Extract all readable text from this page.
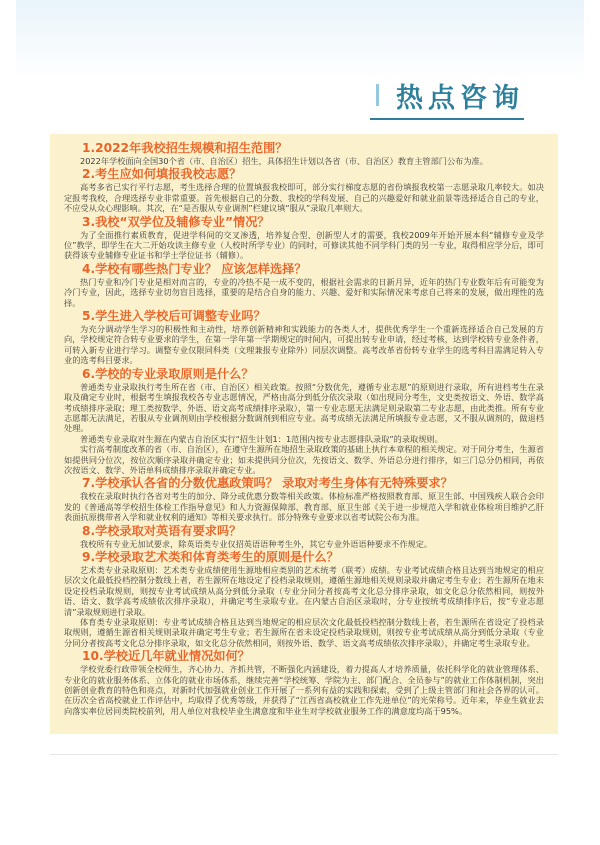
热点咨询
1.2022年我校招生规模和招生范围？

2022年学校面向全国30个省（市、自治区）招生，具体招生计划以各省（市、自治区）教育主管部门公布为准。

2.考生应如何填报我校志愿？

高考多省已实行平行志愿，考生选择合理的位置填报我校即可，部分实行梯度志愿的省份填报我校第一志愿录取几率较大。如决定报考我校，合理选择专业非常重要。首先根据自己的分数、我校的学科发展、自己的兴趣爱好和就业前景等选择适合自己的专业，不应受从众心理影响。其次，在“是否服从专业调剂”栏建议填“服从”录取几率则大。

3.我校“双学位及辅修专业”情况？

为了全面推行素质教育，促进学科间的交叉渗透，培养复合型、创新型人才的需要，我校2009年开始开展本科“辅修专业及学位”教学，即学生在大二开始攻读主修专业（人校时所学专业）的同时，可修读其他不同学科门类的另一专业，取得相应学分后，即可获得该专业辅修专业证书和学士学位证书（辅修）。

4.学校有哪些热门专业？ 应该怎样选择？

热门专业和冷门专业是相对而言的，专业的冷热不是一成不变的，根据社会需求的日新月异，近年的热门专业数年后有可能变为冷门专业，因此，选择专业切勿盲目选择，重要的是结合自身的能力、兴趣、爱好和实际情况来考虑自己将来的发展，做出理性的选择。

5.学生进入学校后可调整专业吗？

为充分调动学生学习的积极性和主动性，培养创新精神和实践能力的各类人才，提供优秀学生一个重新选择适合自己发展的方向，学校规定符合转专业要求的学生，在第一学年第一学期规定的时间内，可提出转专业申请，经过考核，达到学校转专业条件者，可转入新专业进行学习。调整专业仅限同科类（文理兼报专业除外）同层次调整。高考改革省份转专业学生的选考科目需满足转入专业的选考科目要求。

6.学校的专业录取原则是什么？

普通类专业录取执行考生所在省（市、自治区）相关政策。按照“分数优先，遵循专业志愿”的原则进行录取，所有进档考生在录取及确定专业时，根据考生填报我校各专业志愿情况，严格由高分到低分依次录取（如出现同分考生，文史类按语文、外语、数学高考成绩排序录取；理工类按数学、外语、语文高考成绩排序录取），第一专业志愿无法满足则录取第二专业志愿，由此类推。所有专业志愿都无法满足，若服从专业调剂则由学校根据分数调剂到相应专业。高考成绩无法满足所填报专业志愿，又不服从调剂的，做退档处理。

普通类专业录取对生源在内蒙古自治区实行“招生计划1：1范围内按专业志愿排队录取”的录取规则。

实行高考制度改革的省（市、自治区），在遵守生源所在地招生录取政策的基础上执行本章程的相关规定。对于同分考生，生源省如提供同分位次，按位次顺序录取并确定专业；如未提供同分位次，先按语文、数学、外语总分进行排序，如三门总分仍相同，再依次按语文、数学、外语单科成绩排序录取并确定专业。

7.学校承认各省的分数优惠政策吗？ 录取对考生身体有无特殊要求？

我校在录取时执行各省对考生的加分、降分或优惠分数等相关政策。体检标准严格按照教育部、原卫生部、中国残疾人联合会印发的《普通高等学校招生体检工作指导意见》和人力资源保障部、教育部、原卫生部《关于进一步规范入学和就业体检项目维护乙肝表面抗原携带者入学和就业权利的通知》等相关要求执行。部分特殊专业要求以省考试院公布为准。

8.学校录取对英语有要求吗？

我校所有专业无加试要求，除英语类专业仅招英语语种考生外，其它专业外语语种要求不作规定。

9.学校录取艺术类和体育类考生的原则是什么？

艺术类专业录取原则：艺术类专业成绩使用生源地相应类别的艺术统考（联考）成绩。专业考试成绩合格且达到当地规定的相应层次文化最低投档控制分数线上者，若生源所在地设定了投档录取规则，遵循生源地相关规则录取并确定考生专业；若生源所在地未设定投档录取规则，则按专业考试成绩从高分到低分录取（专业分同分者按高考文化总分排序录取，如文化总分依然相同，则按外语、语文、数学高考成绩依次排序录取），并确定考生录取专业。在内蒙古自治区录取时，分专业按统考成绩排序后，按“专业志愿清”录取规则进行录取。

体育类专业录取原则：专业考试成绩合格且达到当地规定的相应层次文化最低投档控制分数线上者，若生源所在省设定了投档录取规则，遵循生源省相关规则录取并确定考生专业；若生源所在省未设定投档录取规则，则按专业考试成绩从高分到低分录取（专业分同分者按高考文化总分排序录取，如文化总分依然相同，则按外语、数学、语文高考成绩依次排序录取），并确定考生录取专业。

10.学校近几年就业情况如何？

学校党委行政带领全校师生，齐心协力、齐抓共管，不断强化内涵建设，着力提高人才培养质量，依托科学化的就业管理体系、专业化的就业服务体系、立体化的就业市场体系，继续完善“学校统筹、学院为主、部门配合、全员参与”的就业工作体制机制，突出创新创业教育的特色和亮点，对新时代加强就业创业工作开展了一系列有益的实践和探索，受到了上级主管部门和社会各界的认可。在历次全省高校就业工作评估中，均取得了优秀等级，并获得了“江西省高校就业工作先进单位”的光荣称号。近年来，毕业生就业去向落实率位居同类院校前列，用人单位对我校毕业生满意度和毕业生对学校就业服务工作的满意度均高于95%。
